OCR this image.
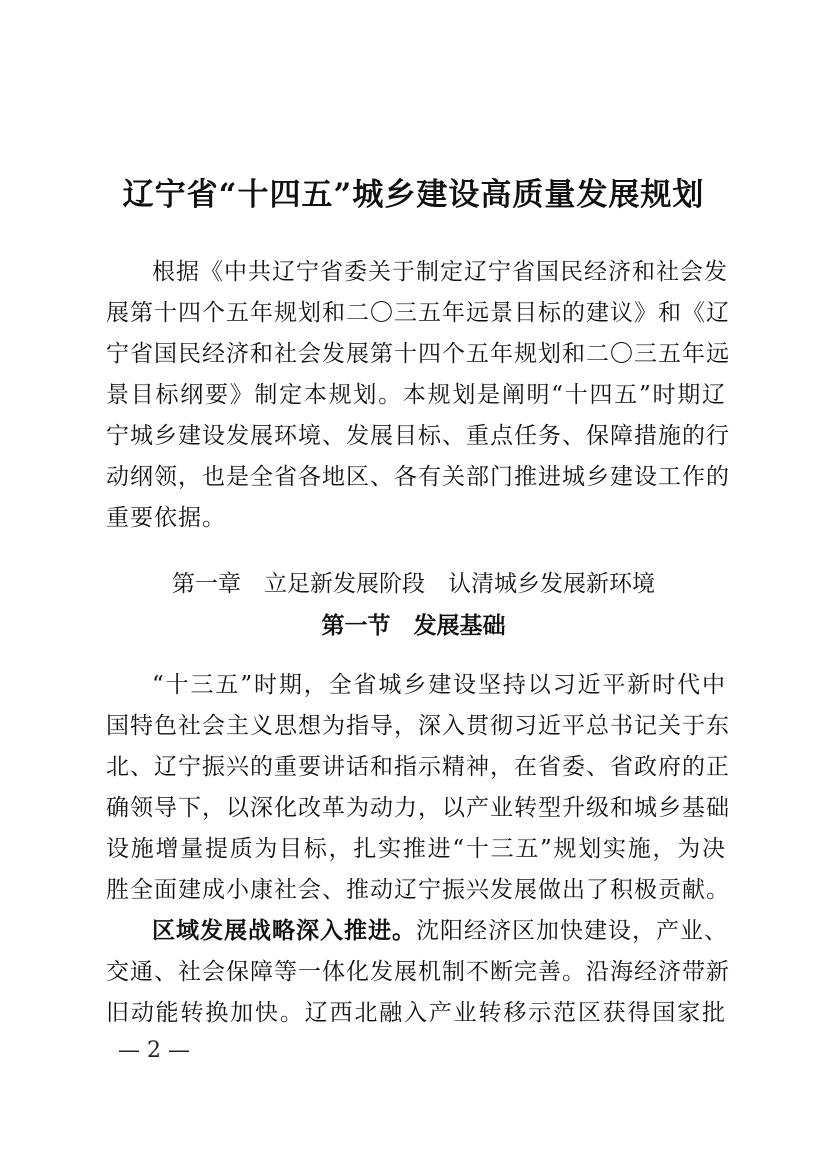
辽宁省“十四五”城乡建设高质量发展规划
根据《中共辽宁省委关于制定辽宁省国民经济和社会发
展第十四个五年规划和二〇三五年远景目标的建议》和《辽
宁省国民经济和社会发展第十四个五年规划和二〇三五年远
景目标纲要》制定本规划。本规划是阐明“十四五”时期辽
宁城乡建设发展环境、发展目标、重点任务、保障措施的行
动纲领，也是全省各地区、各有关部门推进城乡建设工作的
重要依据。
第一章　立足新发展阶段　认清城乡发展新环境
第一节　发展基础
“十三五”时期，全省城乡建设坚持以习近平新时代中
国特色社会主义思想为指导，深入贯彻习近平总书记关于东
北、辽宁振兴的重要讲话和指示精神，在省委、省政府的正
确领导下，以深化改革为动力，以产业转型升级和城乡基础
设施增量提质为目标，扎实推进“十三五”规划实施，为决
胜全面建成小康社会、推动辽宁振兴发展做出了积极贡献。
区域发展战略深入推进。沈阳经济区加快建设，产业、
交通、社会保障等一体化发展机制不断完善。沿海经济带新
旧动能转换加快。辽西北融入产业转移示范区获得国家批
— 2 —
